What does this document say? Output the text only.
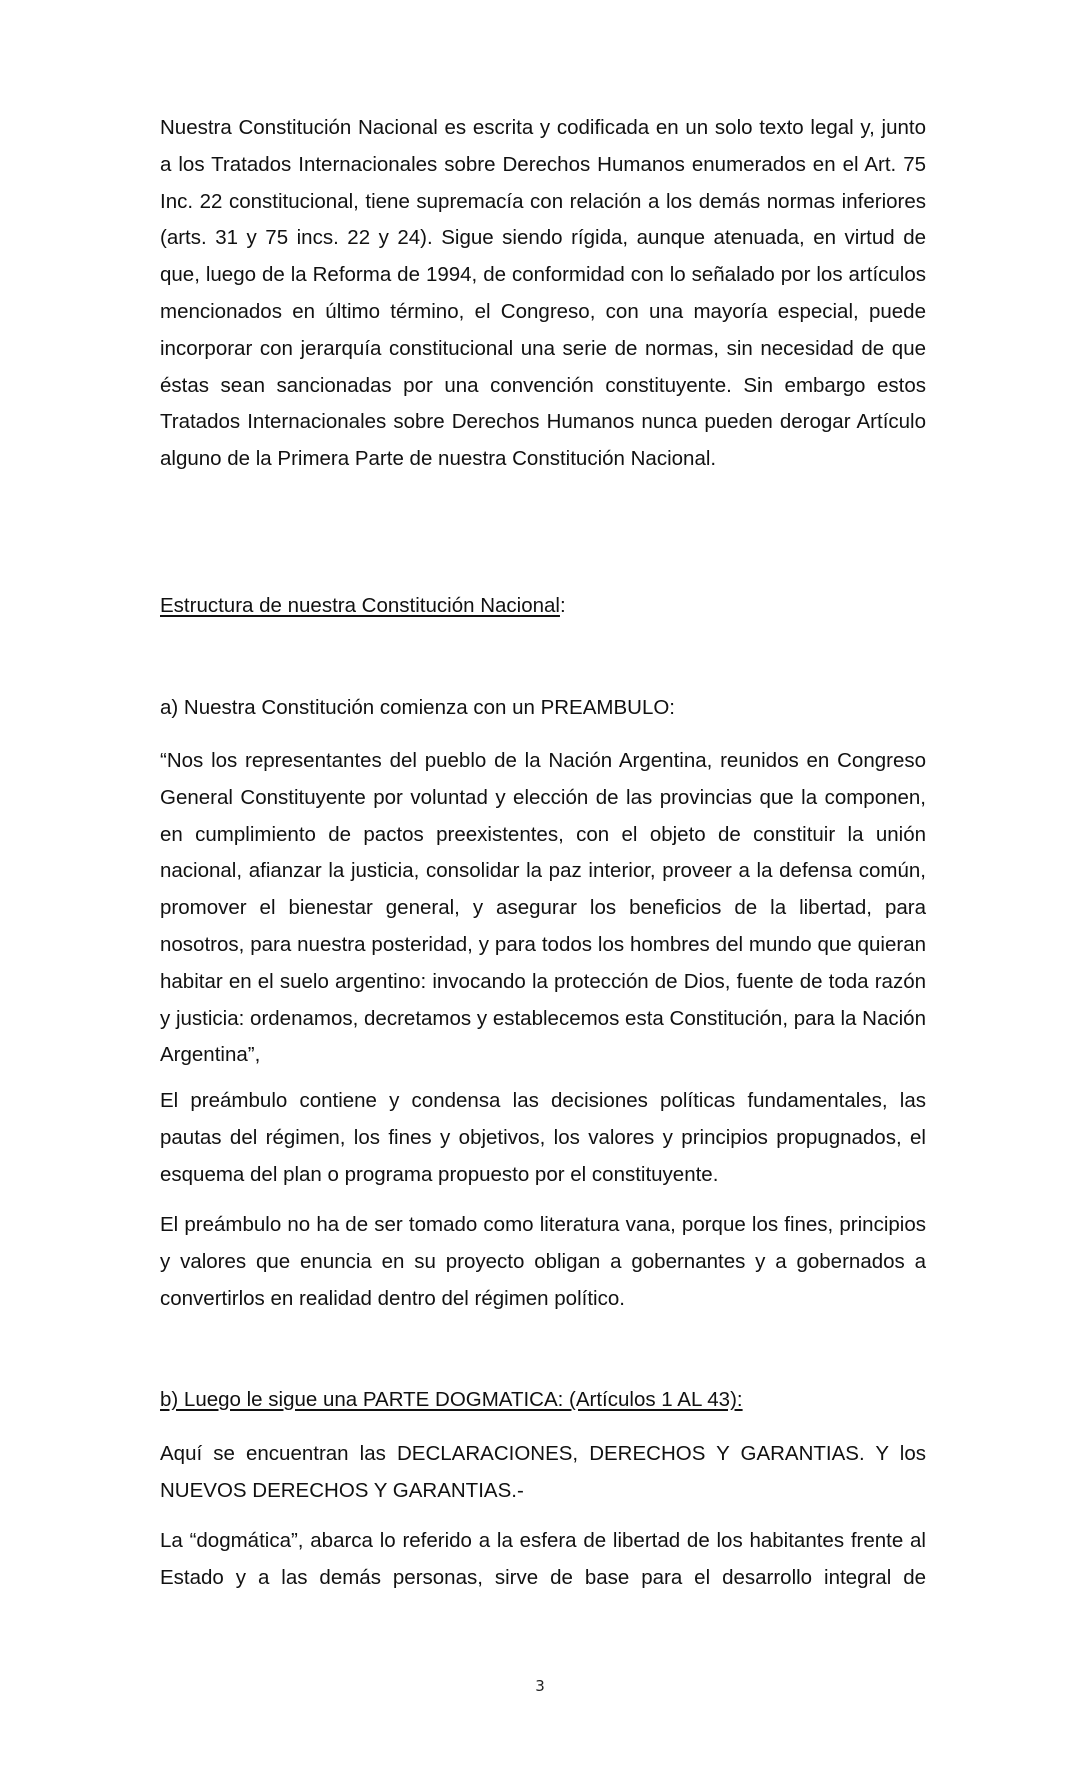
Nuestra Constitución Nacional es escrita y codificada en un solo texto legal y, junto a los Tratados Internacionales sobre Derechos Humanos enumerados en el Art. 75 Inc. 22 constitucional, tiene supremacía con relación a los demás normas inferiores (arts. 31 y 75 incs. 22 y 24). Sigue siendo rígida, aunque atenuada, en virtud de que, luego de la Reforma de 1994, de conformidad con lo señalado por los artículos mencionados en último término, el Congreso, con una mayoría especial, puede incorporar con jerarquía constitucional una serie de normas, sin necesidad de que éstas sean sancionadas por una convención constituyente. Sin embargo estos Tratados Internacionales sobre Derechos Humanos nunca pueden derogar Artículo alguno de la Primera Parte de nuestra Constitución Nacional.

Estructura de nuestra Constitución Nacional:

a) Nuestra Constitución comienza con un PREAMBULO:

“Nos los representantes del pueblo de la Nación Argentina, reunidos en Congreso General Constituyente por voluntad y elección de las provincias que la componen, en cumplimiento de pactos preexistentes, con el objeto de constituir la unión nacional, afianzar la justicia, consolidar la paz interior, proveer a la defensa común, promover el bienestar general, y asegurar los beneficios de la libertad, para nosotros, para nuestra posteridad, y para todos los hombres del mundo que quieran habitar en el suelo argentino: invocando la protección de Dios, fuente de toda razón y justicia: ordenamos, decretamos y establecemos esta Constitución, para la Nación Argentina”,

El preámbulo contiene y condensa las decisiones políticas fundamentales, las pautas del régimen, los fines y objetivos, los valores y principios propugnados, el esquema del plan o programa propuesto por el constituyente.

El preámbulo no ha de ser tomado como literatura vana, porque los fines, principios y valores que enuncia en su proyecto obligan a gobernantes y a gobernados a convertirlos en realidad dentro del régimen político.

b) Luego le sigue una PARTE DOGMATICA: (Artículos 1 AL 43):

Aquí se encuentran las DECLARACIONES, DERECHOS Y GARANTIAS. Y los NUEVOS DERECHOS Y GARANTIAS.-

La “dogmática”, abarca lo referido a la esfera de libertad de los habitantes frente al Estado y a las demás personas, sirve de base para el desarrollo integral de

3
